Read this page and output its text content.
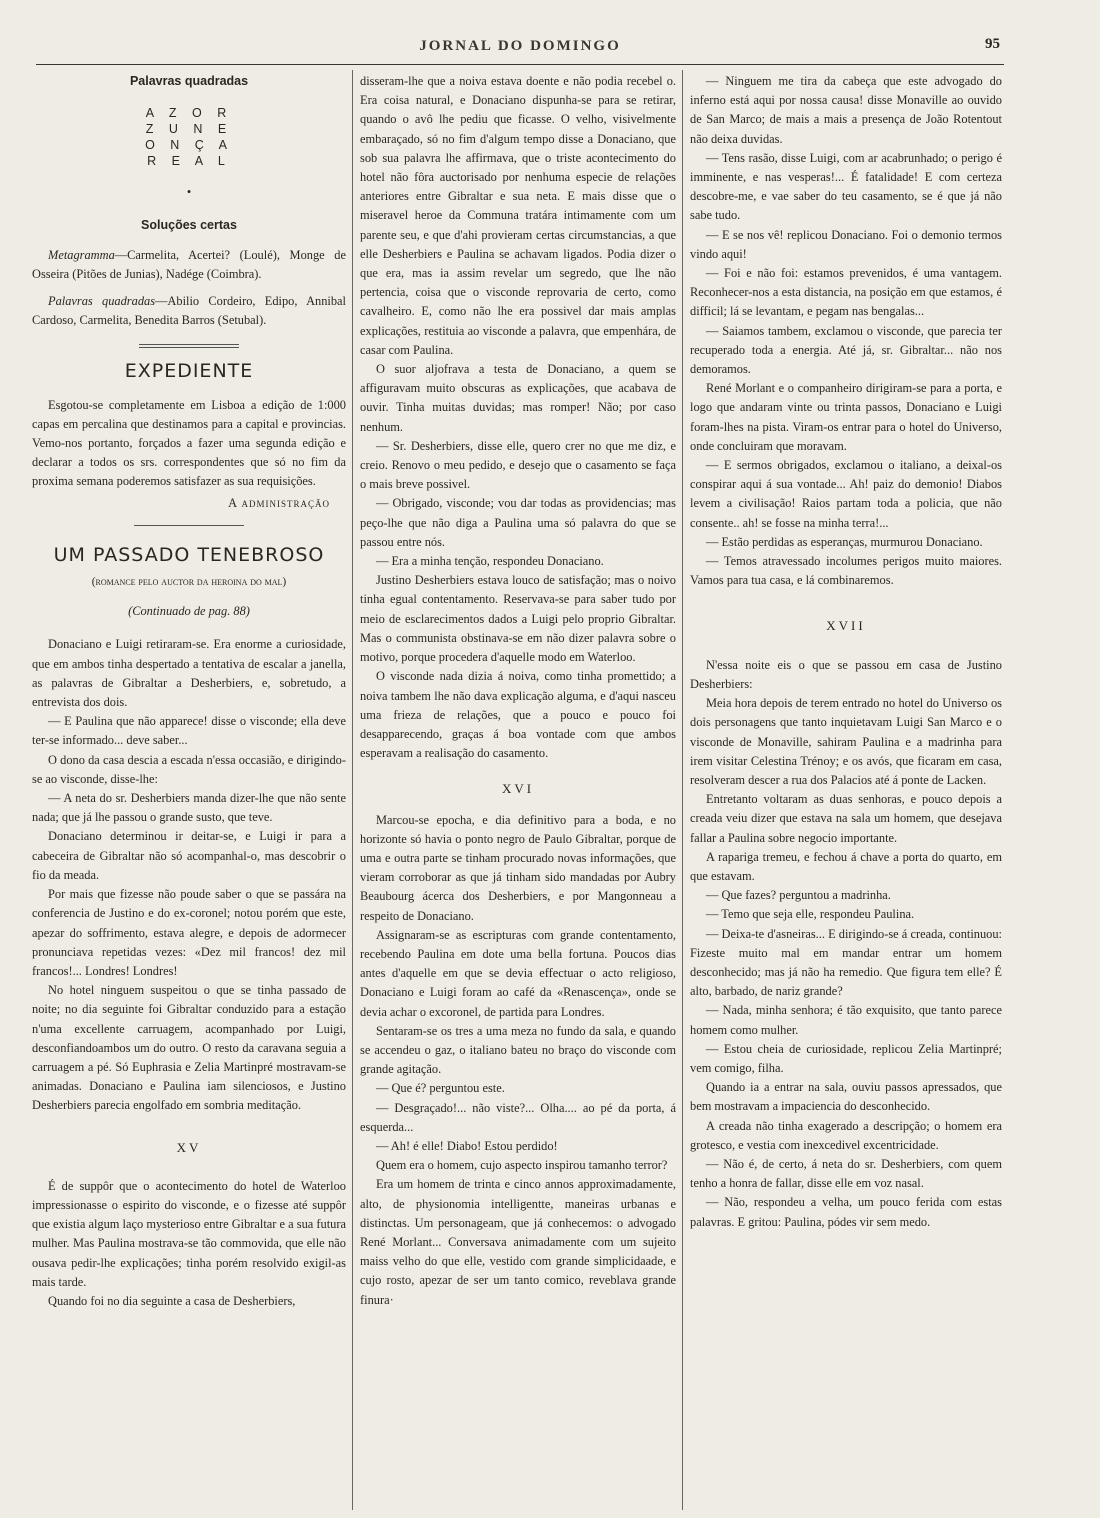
JORNAL DO DOMINGO	95
Palavras quadradas
A Z O R
Z U N E
O N Ç A
R E A L
•
Soluções certas

Metagramma—Carmelita, Acertei? (Loulé), Monge de Osseira (Pitões de Junias), Nadége (Coimbra).

Palavras quadradas—Abilio Cordeiro, Edipo, Annibal Cardoso, Carmelita, Benedita Barros (Setubal).

EXPEDIENTE

Esgotou-se completamente em Lisboa a edição de 1:000 capas em percalina que destinamos para a capital e provincias. Vemo-nos portanto, forçados a fazer uma segunda edição e declarar a todos os srs. correspondentes que só no fim da proxima semana poderemos satisfazer as sua requisições.

A administração
UM PASSADO TENEBROSO
(romance pelo auctor da heroina do mal)
(Continuado de pag. 88)

Donaciano e Luigi retiraram-se. Era enorme a curiosidade, que em ambos tinha despertado a tentativa de escalar a janella, as palavras de Gibraltar a Desherbiers, e, sobretudo, a entrevista dos dois.

— E Paulina que não apparece! disse o visconde; ella deve ter-se informado... deve saber...

O dono da casa descia a escada n'essa occasião, e dirigindo-se ao visconde, disse-lhe:

— A neta do sr. Desherbiers manda dizer-lhe que não sente nada; que já lhe passou o grande susto, que teve.

Donaciano determinou ir deitar-se, e Luigi ir para a cabeceira de Gibraltar não só acompanhal-o, mas descobrir o fio da meada.

Por mais que fizesse não poude saber o que se passára na conferencia de Justino e do ex-coronel; notou porém que este, apezar do soffrimento, estava alegre, e depois de adormecer pronunciava repetidas vezes: «Dez mil francos! dez mil francos!... Londres! Londres!

No hotel ninguem suspeitou o que se tinha passado de noite; no dia seguinte foi Gibraltar conduzido para a estação n'uma excellente carruagem, acompanhado por Luigi, desconfiandoambos um do outro. O resto da caravana seguia a carruagem a pé. Só Euphrasia e Zelia Martinpré mostravam-se animadas. Donaciano e Paulina iam silenciosos, e Justino Desherbiers parecia engolfado em sombria meditação.

XV

É de suppôr que o acontecimento do hotel de Waterloo impressionasse o espirito do visconde, e o fizesse até suppôr que existia algum laço mysterioso entre Gibraltar e a sua futura mulher. Mas Paulina mostrava-se tão commovida, que elle não ousava pedir-lhe explicações; tinha porém resolvido exigil-as mais tarde.

Quando foi no dia seguinte a casa de Desherbiers,

disseram-lhe que a noiva estava doente e não podia recebel o. Era coisa natural, e Donaciano dispunha-se para se retirar, quando o avô lhe pediu que ficasse. O velho, visivelmente embaraçado, só no fim d'algum tempo disse a Donaciano, que sob sua palavra lhe affirmava, que o triste acontecimento do hotel não fôra auctorisado por nenhuma especie de relações anteriores entre Gibraltar e sua neta. E mais disse que o miseravel heroe da Communa tratára intimamente com um parente seu, e que d'ahi provieram certas circumstancias, a que elle Desherbiers e Paulina se achavam ligados. Podia dizer o que era, mas ia assim revelar um segredo, que lhe não pertencia, coisa que o visconde reprovaria de certo, como cavalheiro. E, como não lhe era possivel dar mais amplas explicações, restituia ao visconde a palavra, que empenhára, de casar com Paulina.

O suor aljofrava a testa de Donaciano, a quem se affiguravam muito obscuras as explicações, que acabava de ouvir. Tinha muitas duvidas; mas romper! Não; por caso nenhum.

— Sr. Desherbiers, disse elle, quero crer no que me diz, e creio. Renovo o meu pedido, e desejo que o casamento se faça o mais breve possivel.

— Obrigado, visconde; vou dar todas as providencias; mas peço-lhe que não diga a Paulina uma só palavra do que se passou entre nós.

— Era a minha tenção, respondeu Donaciano.

Justino Desherbiers estava louco de satisfação; mas o noivo tinha egual contentamento. Reservava-se para saber tudo por meio de esclarecimentos dados a Luigi pelo proprio Gibraltar. Mas o communista obstinava-se em não dizer palavra sobre o motivo, porque procedera d'aquelle modo em Waterloo.

O visconde nada dizia á noiva, como tinha promettido; a noiva tambem lhe não dava explicação alguma, e d'aqui nasceu uma frieza de relações, que a pouco e pouco foi desapparecendo, graças á boa vontade com que ambos esperavam a realisação do casamento.

XVI

Marcou-se epocha, e dia definitivo para a boda, e no horizonte só havia o ponto negro de Paulo Gibraltar, porque de uma e outra parte se tinham procurado novas informações, que vieram corroborar as que já tinham sido mandadas por Aubry Beaubourg ácerca dos Desherbiers, e por Mangonneau a respeito de Donaciano.

Assignaram-se as escripturas com grande contentamento, recebendo Paulina em dote uma bella fortuna. Poucos dias antes d'aquelle em que se devia effectuar o acto religioso, Donaciano e Luigi foram ao café da «Renascença», onde se devia achar o excoronel, de partida para Londres.

Sentaram-se os tres a uma meza no fundo da sala, e quando se accendeu o gaz, o italiano bateu no braço do visconde com grande agitação.

— Que é? perguntou este.

— Desgraçado!... não viste?... Olha.... ao pé da porta, á esquerda...

— Ah! é elle! Diabo! Estou perdido!

Quem era o homem, cujo aspecto inspirou tamanho terror?

Era um homem de trinta e cinco annos approximadamente, alto, de physionomia intelligentte, maneiras urbanas e distinctas. Um personageam, que já conhecemos: o advogado René Morlant... Conversava animadamente com um sujeito maiss velho do que elle, vestido com grande simplicidaade, e cujo rosto, apezar de ser um tanto comico, reveblava grande finura·

— Ninguem me tira da cabeça que este advogado do inferno está aqui por nossa causa! disse Monaville ao ouvido de San Marco; de mais a mais a presença de João Rotentout não deixa duvidas.

— Tens rasão, disse Luigi, com ar acabrunhado; o perigo é imminente, e nas vesperas!... É fatalidade! E com certeza descobre-me, e vae saber do teu casamento, se é que já não sabe tudo.

— E se nos vê! replicou Donaciano. Foi o demonio termos vindo aqui!

— Foi e não foi: estamos prevenidos, é uma vantagem. Reconhecer-nos a esta distancia, na posição em que estamos, é difficil; lá se levantam, e pegam nas bengalas...

— Saiamos tambem, exclamou o visconde, que parecia ter recuperado toda a energia. Até já, sr. Gibraltar... não nos demoramos.

René Morlant e o companheiro dirigiram-se para a porta, e logo que andaram vinte ou trinta passos, Donaciano e Luigi foram-lhes na pista. Viram-os entrar para o hotel do Universo, onde concluiram que moravam.

— E sermos obrigados, exclamou o italiano, a deixal-os conspirar aqui á sua vontade... Ah! paiz do demonio! Diabos levem a civilisação! Raios partam toda a policia, que não consente.. ah! se fosse na minha terra!...

— Estão perdidas as esperanças, murmurou Donaciano.

— Temos atravessado incolumes perigos muito maiores. Vamos para tua casa, e lá combinaremos.

XVII

N'essa noite eis o que se passou em casa de Justino Desherbiers:

Meia hora depois de terem entrado no hotel do Universo os dois personagens que tanto inquietavam Luigi San Marco e o visconde de Monaville, sahiram Paulina e a madrinha para irem visitar Celestina Trénoy; e os avós, que ficaram em casa, resolveram descer a rua dos Palacios até á ponte de Lacken.

Entretanto voltaram as duas senhoras, e pouco depois a creada veiu dizer que estava na sala um homem, que desejava fallar a Paulina sobre negocio importante.

A rapariga tremeu, e fechou á chave a porta do quarto, em que estavam.

— Que fazes? perguntou a madrinha.

— Temo que seja elle, respondeu Paulina.

— Deixa-te d'asneiras... E dirigindo-se á creada, continuou: Fizeste muito mal em mandar entrar um homem desconhecido; mas já não ha remedio. Que figura tem elle? É alto, barbado, de nariz grande?

— Nada, minha senhora; é tão exquisito, que tanto parece homem como mulher.

— Estou cheia de curiosidade, replicou Zelia Martinpré; vem comigo, filha.

Quando ia a entrar na sala, ouviu passos apressados, que bem mostravam a impaciencia do desconhecido.

A creada não tinha exagerado a descripção; o homem era grotesco, e vestia com inexcedivel excentricidade.

— Não é, de certo, á neta do sr. Desherbiers, com quem tenho a honra de fallar, disse elle em voz nasal.

— Não, respondeu a velha, um pouco ferida com estas palavras. E gritou: Paulina, pódes vir sem medo.
